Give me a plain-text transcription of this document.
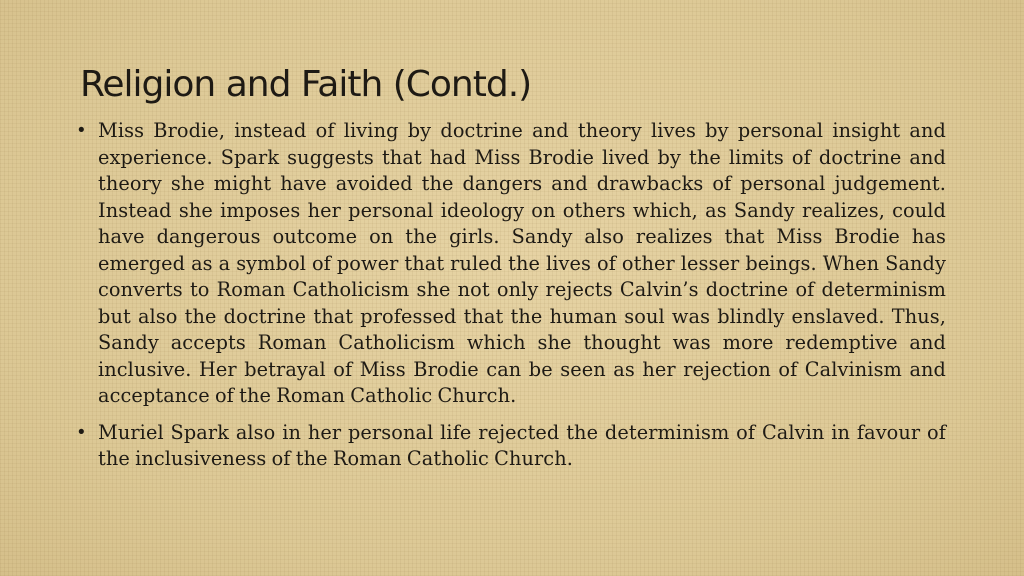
Religion and Faith (Contd.)
• Miss Brodie, instead of living by doctrine and theory lives by personal insight and experience. Spark suggests that had Miss Brodie lived by the limits of doctrine and theory she might have avoided the dangers and drawbacks of personal judgement. Instead she imposes her personal ideology on others which, as Sandy realizes, could have dangerous outcome on the girls. Sandy also realizes that Miss Brodie has emerged as a symbol of power that ruled the lives of other lesser beings. When Sandy converts to Roman Catholicism she not only rejects Calvin’s doctrine of determinism but also the doctrine that professed that the human soul was blindly enslaved. Thus, Sandy accepts Roman Catholicism which she thought was more redemptive and inclusive. Her betrayal of Miss Brodie can be seen as her rejection of Calvinism and acceptance of the Roman Catholic Church.
• Muriel Spark also in her personal life rejected the determinism of Calvin in favour of the inclusiveness of the Roman Catholic Church.
